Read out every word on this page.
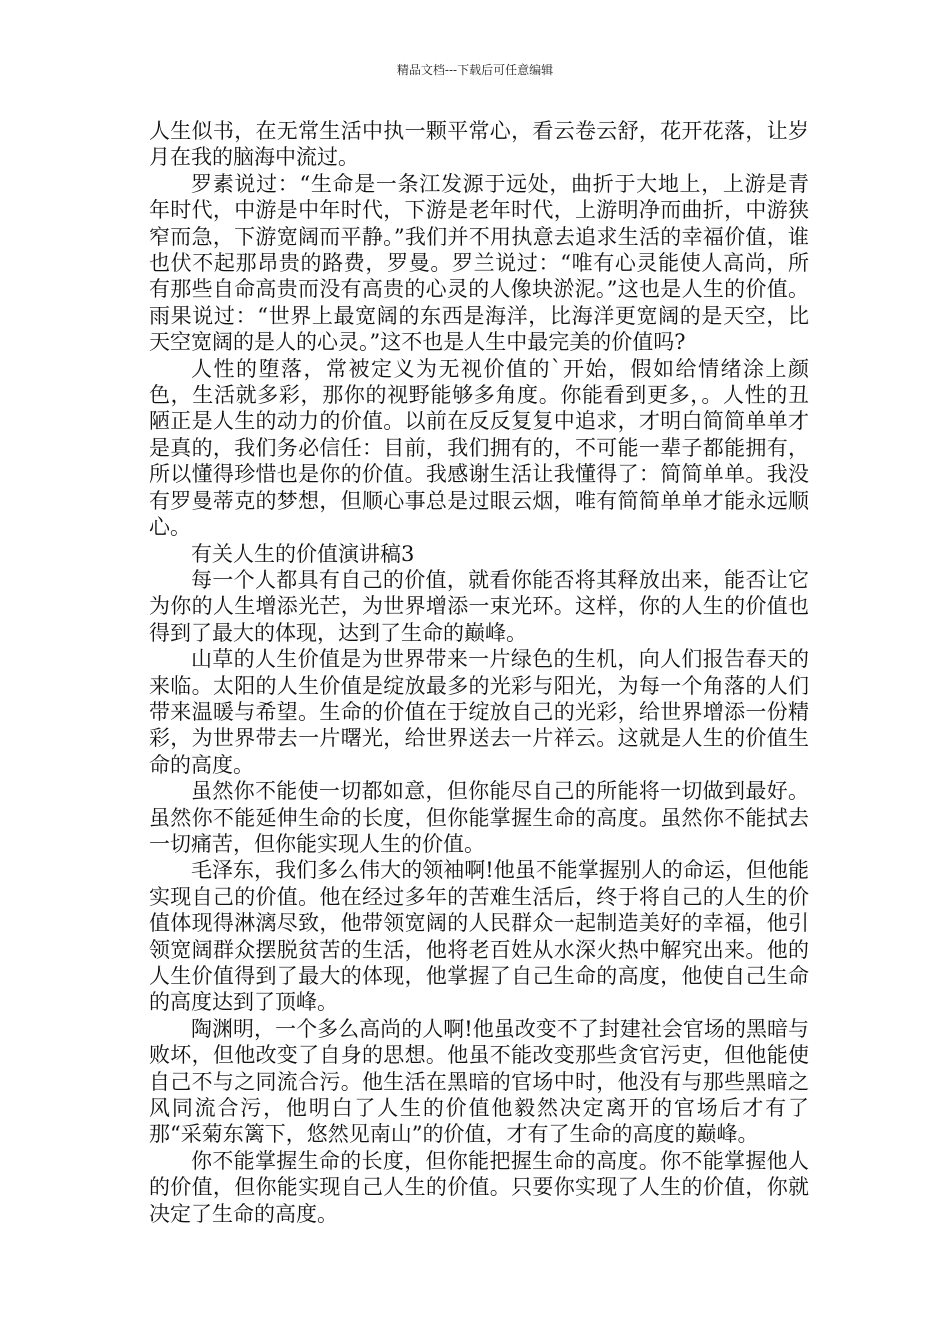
精品文档---下载后可任意编辑

人生似书，在无常生活中执一颗平常心，看云卷云舒，花开花落，让岁月在我的脑海中流过。

罗素说过：“生命是一条江发源于远处，曲折于大地上，上游是青年时代，中游是中年时代，下游是老年时代，上游明净而曲折，中游狭窄而急，下游宽阔而平静。”我们并不用执意去追求生活的幸福价值，谁也伏不起那昂贵的路费，罗曼。罗兰说过：“唯有心灵能使人高尚，所有那些自命高贵而没有高贵的心灵的人像块淤泥。”这也是人生的价值。雨果说过：“世界上最宽阔的东西是海洋，比海洋更宽阔的是天空，比天空宽阔的是人的心灵。”这不也是人生中最完美的价值吗?

人性的堕落，常被定义为无视价值的`开始，假如给情绪涂上颜色，生活就多彩，那你的视野能够多角度。你能看到更多，。人性的丑陋正是人生的动力的价值。以前在反反复复中追求，才明白简简单单才是真的，我们务必信任：目前，我们拥有的，不可能一辈子都能拥有，所以懂得珍惜也是你的价值。我感谢生活让我懂得了：简简单单。我没有罗曼蒂克的梦想，但顺心事总是过眼云烟，唯有简简单单才能永远顺心。

有关人生的价值演讲稿3

每一个人都具有自己的价值，就看你能否将其释放出来，能否让它为你的人生增添光芒，为世界增添一束光环。这样，你的人生的价值也得到了最大的体现，达到了生命的巅峰。

山草的人生价值是为世界带来一片绿色的生机，向人们报告春天的来临。太阳的人生价值是绽放最多的光彩与阳光，为每一个角落的人们带来温暖与希望。生命的价值在于绽放自己的光彩，给世界增添一份精彩，为世界带去一片曙光，给世界送去一片祥云。这就是人生的价值生命的高度。

虽然你不能使一切都如意，但你能尽自己的所能将一切做到最好。虽然你不能延伸生命的长度，但你能掌握生命的高度。虽然你不能拭去一切痛苦，但你能实现人生的价值。

毛泽东，我们多么伟大的领袖啊!他虽不能掌握别人的命运，但他能实现自己的价值。他在经过多年的苦难生活后，终于将自己的人生的价值体现得淋漓尽致，他带领宽阔的人民群众一起制造美好的幸福，他引领宽阔群众摆脱贫苦的生活，他将老百姓从水深火热中解究出来。他的人生价值得到了最大的体现，他掌握了自己生命的高度，他使自己生命的高度达到了顶峰。

陶渊明，一个多么高尚的人啊!他虽改变不了封建社会官场的黑暗与败坏，但他改变了自身的思想。他虽不能改变那些贪官污吏，但他能使自己不与之同流合污。他生活在黑暗的官场中时，他没有与那些黑暗之风同流合污，他明白了人生的价值他毅然决定离开的官场后才有了那“采菊东篱下，悠然见南山”的价值，才有了生命的高度的巅峰。

你不能掌握生命的长度，但你能把握生命的高度。你不能掌握他人的价值，但你能实现自己人生的价值。只要你实现了人生的价值，你就决定了生命的高度。
